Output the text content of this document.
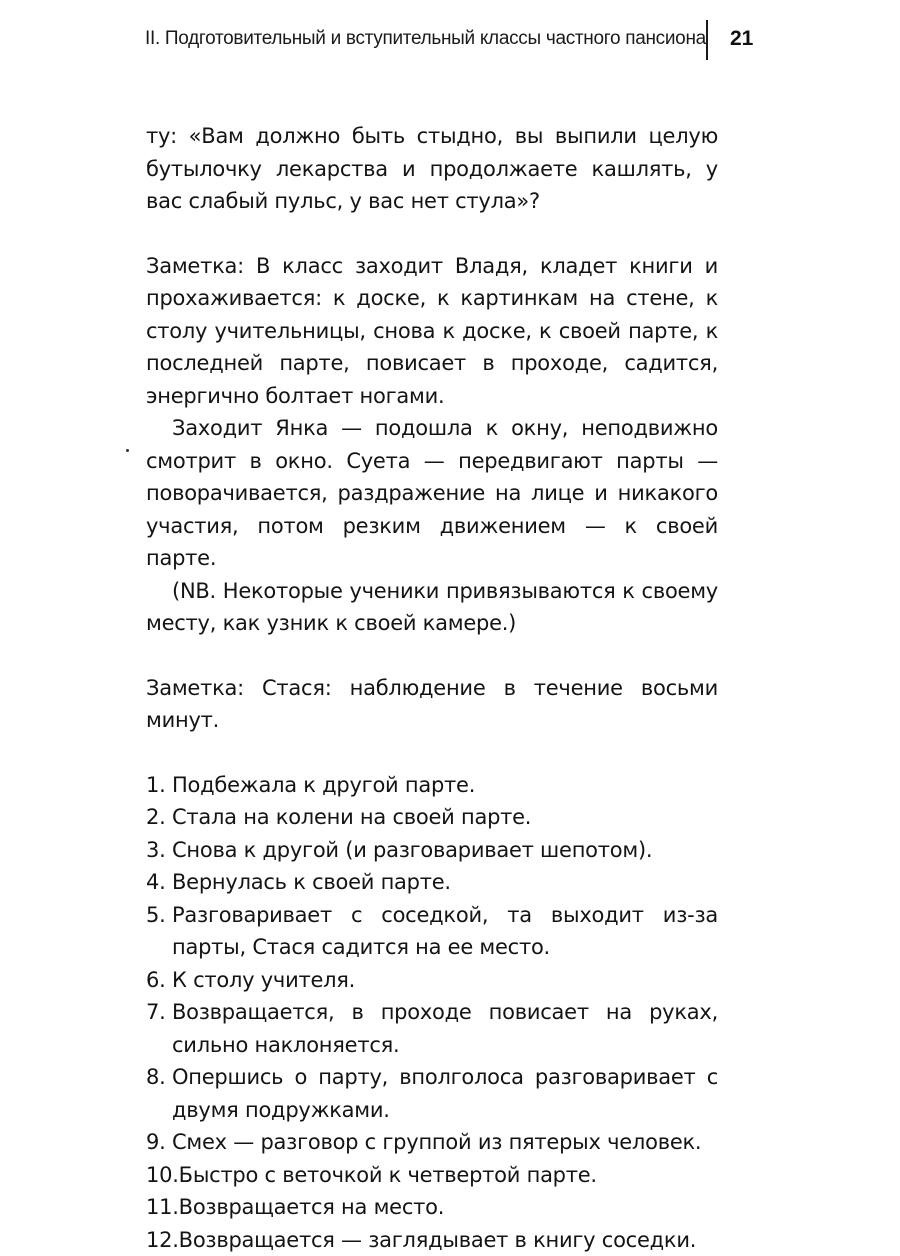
II. Подготовительный и вступительный классы частного пансиона 21

ту: «Вам должно быть стыдно, вы выпили целую бутылочку лекарства и продолжаете кашлять, у вас слабый пульс, у вас нет стула»?

Заметка: В класс заходит Владя, кладет книги и прохаживается: к доске, к картинкам на стене, к столу учительницы, снова к доске, к своей парте, к последней парте, повисает в проходе, садится, энергично болтает ногами.

Заходит Янка — подошла к окну, неподвижно смотрит в окно. Суета — передвигают парты — поворачивается, раздражение на лице и никакого участия, потом резким движением — к своей парте.

(NB. Некоторые ученики привязываются к своему месту, как узник к своей камере.)

Заметка: Стася: наблюдение в течение восьми минут.

1. Подбежала к другой парте.
2. Стала на колени на своей парте.
3. Снова к другой (и разговаривает шепотом).
4. Вернулась к своей парте.
5. Разговаривает с соседкой, та выходит из-за парты, Стася садится на ее место.
6. К столу учителя.
7. Возвращается, в проходе повисает на руках, сильно наклоняется.
8. Опершись о парту, вполголоса разговаривает с двумя подружками.
9. Смех — разговор с группой из пятерых человек.
10. Быстро с веточкой к четвертой парте.
11. Возвращается на место.
12. Возвращается — заглядывает в книгу соседки.
